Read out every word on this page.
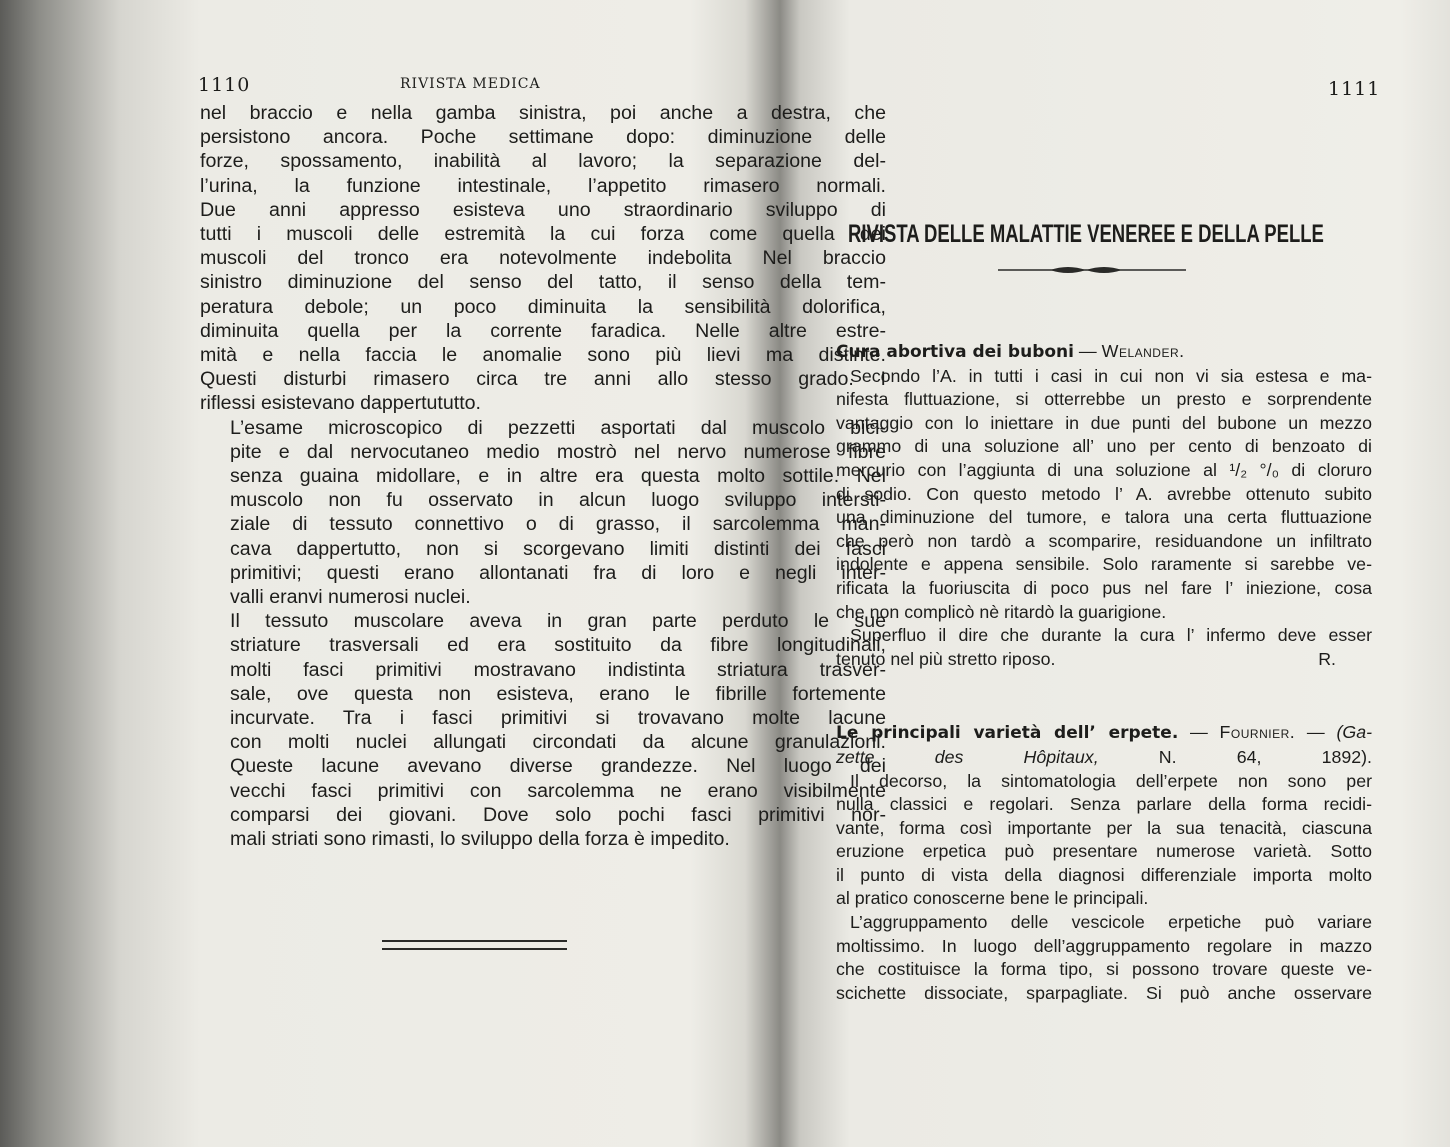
1110	RIVISTA MEDICA

nel braccio e nella gamba sinistra, poi anche a destra, che
persistono ancora. Poche settimane dopo: diminuzione delle
forze, spossamento, inabilità al lavoro; la separazione del-
l’urina, la funzione intestinale, l’appetito rimasero normali.
Due anni appresso esisteva uno straordinario sviluppo di
tutti i muscoli delle estremità la cui forza come quella dei
muscoli del tronco era notevolmente indebolita Nel braccio
sinistro diminuzione del senso del tatto, il senso della tem-
peratura debole; un poco diminuita la sensibilità dolorifica,
diminuita quella per la corrente faradica. Nelle altre estre-
mità e nella faccia le anomalie sono più lievi ma distinte.
Questi disturbi rimasero circa tre anni allo stesso grado. I
riflessi esistevano dappertututto.

L’esame microscopico di pezzetti asportati dal muscolo bici-
pite e dal nervocutaneo medio mostrò nel nervo numerose fibre
senza guaina midollare, e in altre era questa molto sottile. Nel
muscolo non fu osservato in alcun luogo sviluppo intersti-
ziale di tessuto connettivo o di grasso, il sarcolemma man-
cava dappertutto, non si scorgevano limiti distinti dei fasci
primitivi; questi erano allontanati fra di loro e negli inter-
valli eranvi numerosi nuclei.

Il tessuto muscolare aveva in gran parte perduto le sue
striature trasversali ed era sostituito da fibre longitudinali,
molti fasci primitivi mostravano indistinta striatura trasver-
sale, ove questa non esisteva, erano le fibrille fortemente
incurvate. Tra i fasci primitivi si trovavano molte lacune
con molti nuclei allungati circondati da alcune granulazioni.
Queste lacune avevano diverse grandezze. Nel luogo dei
vecchi fasci primitivi con sarcolemma ne erano visibilmente
comparsi dei giovani. Dove solo pochi fasci primitivi nor-
mali striati sono rimasti, lo sviluppo della forza è impedito.

1111
RIVISTA DELLE MALATTIE VENEREE E DELLA PELLE

Cura abortiva dei buboni — Welander.

Secondo l’A. in tutti i casi in cui non vi sia estesa e ma-
nifesta fluttuazione, si otterrebbe un presto e sorprendente
vantaggio con lo iniettare in due punti del bubone un mezzo
grammo di una soluzione all’ uno per cento di benzoato di
mercurio con l’aggiunta di una soluzione al ¹/₂ °/₀ di cloruro
di sodio. Con questo metodo l’ A. avrebbe ottenuto subito
una diminuzione del tumore, e talora una certa fluttuazione
che però non tardò a scomparire, residuandone un infiltrato
indolente e appena sensibile. Solo raramente si sarebbe ve-
rificata la fuoriuscita di poco pus nel fare l’ iniezione, cosa
che non complicò nè ritardò la guarigione.

Superfluo il dire che durante la cura l’ infermo deve esser
tenuto nel più stretto riposo.	R.

Le principali varietà dell’ erpete. — Fournier. — (Ga-
zette des Hôpitaux, N. 64, 1892).

Il decorso, la sintomatologia dell’erpete non sono per
nulla classici e regolari. Senza parlare della forma recidi-
vante, forma così importante per la sua tenacità, ciascuna
eruzione erpetica può presentare numerose varietà. Sotto
il punto di vista della diagnosi differenziale importa molto
al pratico conoscerne bene le principali.

L’aggruppamento delle vescicole erpetiche può variare
moltissimo. In luogo dell’aggruppamento regolare in mazzo
che costituisce la forma tipo, si possono trovare queste ve-
scichette dissociate, sparpagliate. Si può anche osservare
